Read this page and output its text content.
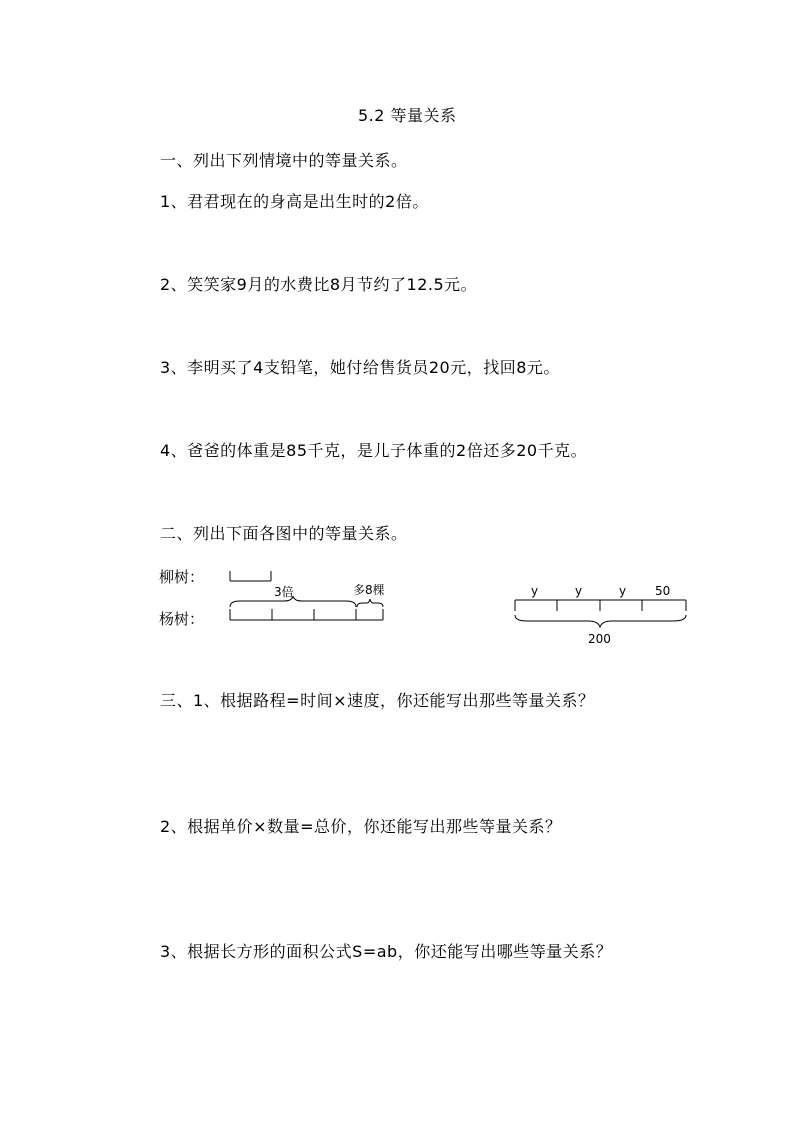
5.2 等量关系
一、列出下列情境中的等量关系。
1、君君现在的身高是出生时的2倍。
2、笑笑家9月的水费比8月节约了12.5元。
3、李明买了4支铅笔，她付给售货员20元，找回8元。
4、爸爸的体重是85千克，是儿子体重的2倍还多20千克。
二、列出下面各图中的等量关系。
柳树：
杨树：
3倍	多8棵	y	y	y 50
200
三、1、根据路程=时间×速度，你还能写出那些等量关系？
2、根据单价×数量=总价，你还能写出那些等量关系？
3、根据长方形的面积公式S=ab，你还能写出哪些等量关系？
